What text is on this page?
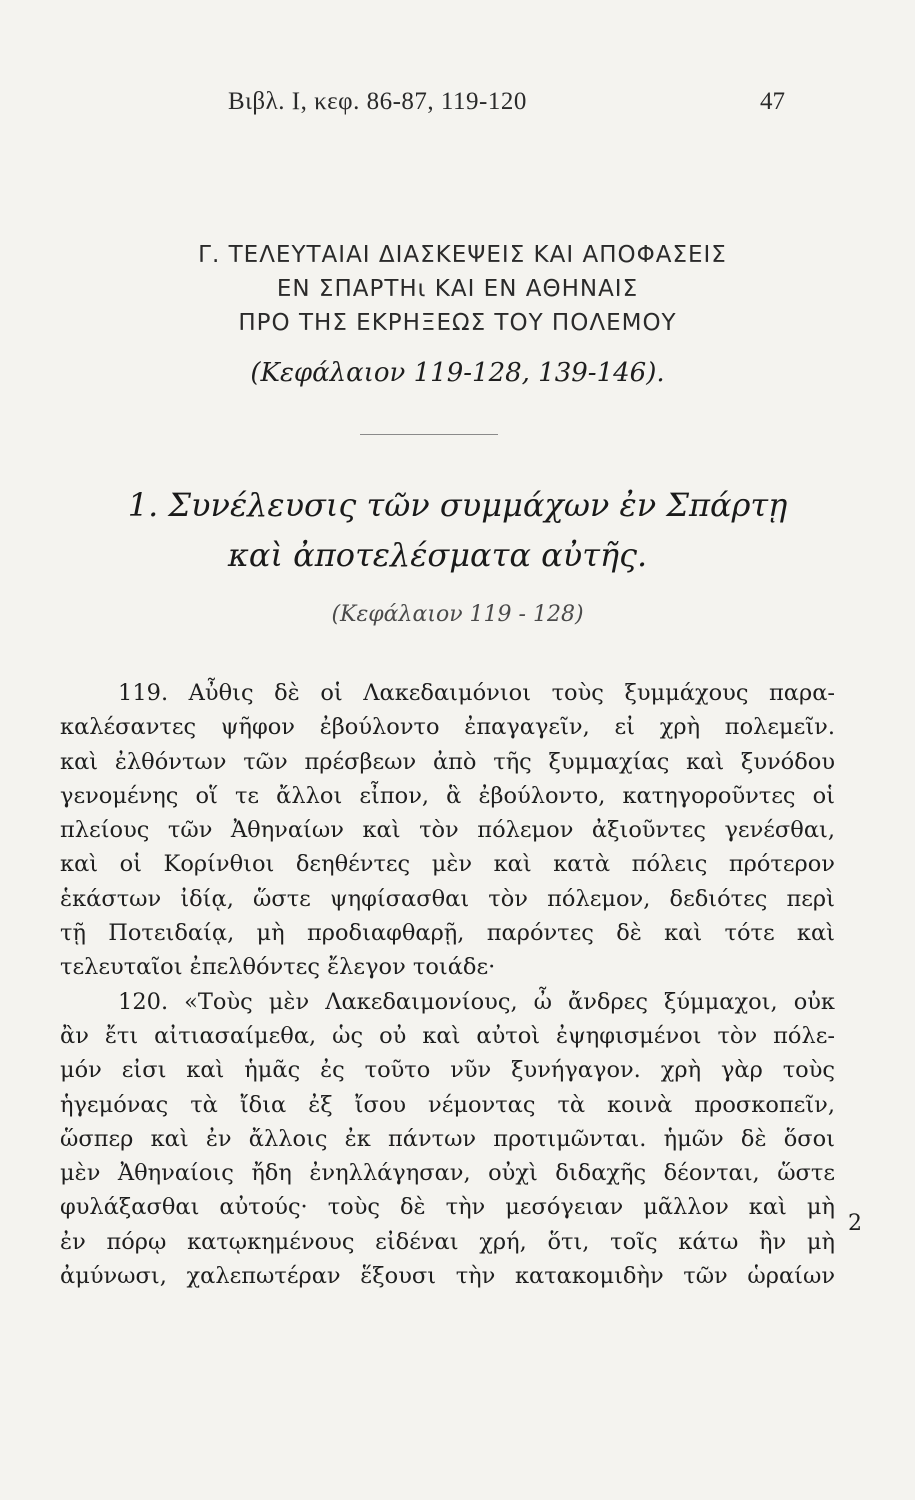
Βιβλ. Ι, κεφ. 86-87, 119-120	47
Γ. ΤΕΛΕΥΤΑΙΑΙ ΔΙΑΣΚΕΨΕΙΣ ΚΑΙ ΑΠΟΦΑΣΕΙΣ
ΕΝ ΣΠΑΡΤΗι ΚΑΙ ΕΝ ΑΘΗΝΑΙΣ
ΠΡΟ ΤΗΣ ΕΚΡΗΞΕΩΣ ΤΟΥ ΠΟΛΕΜΟΥ
(Κεφάλαιον 119-128, 139-146).
1. Συνέλευσις τῶν συμμάχων ἐν Σπάρτῃ
καὶ ἀποτελέσματα αὐτῆς.
(Κεφάλαιον 119 - 128)
119. Αὖθις δὲ οἱ Λακεδαιμόνιοι τοὺς ξυμμάχους παρα-
καλέσαντες ψῆφον ἐβούλοντο ἐπαγαγεῖν, εἰ χρὴ πολεμεῖν.
καὶ ἐλθόντων τῶν πρέσβεων ἀπὸ τῆς ξυμμαχίας καὶ ξυνόδου
γενομένης οἵ τε ἄλλοι εἶπον, ἃ ἐβούλοντο, κατηγοροῦντες οἱ
πλείους τῶν Ἀθηναίων καὶ τὸν πόλεμον ἀξιοῦντες γενέσθαι,
καὶ οἱ Κορίνθιοι δεηθέντες μὲν καὶ κατὰ πόλεις πρότερον
ἑκάστων ἰδίᾳ, ὥστε ψηφίσασθαι τὸν πόλεμον, δεδιότες περὶ
τῇ Ποτειδαίᾳ, μὴ προδιαφθαρῇ, παρόντες δὲ καὶ τότε καὶ
τελευταῖοι ἐπελθόντες ἔλεγον τοιάδε·
120. «Τοὺς μὲν Λακεδαιμονίους, ὦ ἄνδρες ξύμμαχοι, οὐκ
ἂν ἔτι αἰτιασαίμεθα, ὡς οὐ καὶ αὐτοὶ ἐψηφισμένοι τὸν πόλε-
μόν εἰσι καὶ ἡμᾶς ἐς τοῦτο νῦν ξυνήγαγον. χρὴ γὰρ τοὺς
ἡγεμόνας τὰ ἴδια ἐξ ἴσου νέμοντας τὰ κοινὰ προσκοπεῖν,
ὥσπερ καὶ ἐν ἄλλοις ἐκ πάντων προτιμῶνται. ἡμῶν δὲ ὅσοι
μὲν Ἀθηναίοις ἤδη ἐνηλλάγησαν, οὐχὶ διδαχῆς δέονται, ὥστε
φυλάξασθαι αὐτούς· τοὺς δὲ τὴν μεσόγειαν μᾶλλον καὶ μὴ
ἐν πόρῳ κατῳκημένους εἰδέναι χρή, ὅτι, τοῖς κάτω ἢν μὴ
ἀμύνωσι, χαλεπωτέραν ἕξουσι τὴν κατακομιδὴν τῶν ὡραίων
2
